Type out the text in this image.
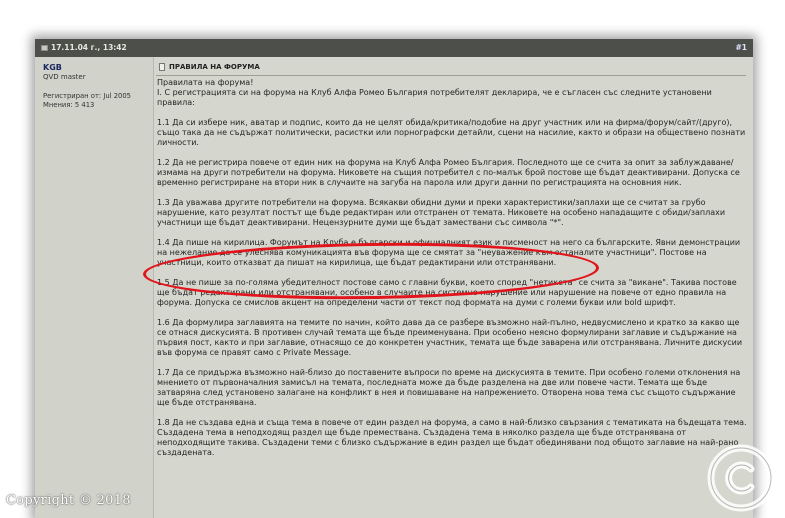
17.11.04 г., 13:42	#1
KGB
QVD master
Регистриран от: Jul 2005
Мнения: 5 413
ПРАВИЛА НА ФОРУМА
Правилата на форума!
I. С регистрацията си на форума на Клуб Алфа Ромео България потребителят декларира, че е съгласен със следните установени правила:
1.1 Да си избере ник, аватар и подпис, които да не целят обида/критика/подобие на друг участник или на фирма/форум/сайт/(друго), също така да не съдържат политически, расистки или порнографски детайли, сцени на насилие, както и образи на обществено познати личности.
1.2 Да не регистрира повече от един ник на форума на Клуб Алфа Ромео България. Последното ще се счита за опит за заблуждаване/измама на други потребители на форума. Никовете на същия потребител с по-малък брой постове ще бъдат деактивирани. Допуска се временно регистриране на втори ник в случаите на загуба на парола или други данни по регистрацията на основния ник.
1.3 Да уважава другите потребители на форума. Всякакви обидни думи и преки характеристики/заплахи ще се считат за грубо нарушение, като резултат постът ще бъде редактиран или отстранен от темата. Никовете на особено нападащите с обиди/заплахи участници ще бъдат деактивирани. Нецензурните думи ще бъдат замествани със символа "*".
1.4 Да пише на кирилица. Форумът на Клуба е български и официалният език и писменост на него са българските. Явни демонстрации на нежелание да се улеснява комуникацията във форума ще се смятат за "неуважение към останалите участници". Постове на участници, които отказват да пишат на кирилица, ще бъдат редактирани или отстранявани.
1.5 Да не пише за по-голяма убедителност постове само с главни букви, което според "нетикета" се счита за "викане". Такива постове ще бъдат редактирани или отстранявани, особено в случаите на системно нарушение или нарушение на повече от едно правила на форума. Допуска се смислов акцент на определени части от текст под формата на думи с големи букви или bold шрифт.
1.6 Да формулира заглавията на темите по начин, който дава да се разбере възможно най-пълно, недвусмислено и кратко за какво ще се отнася дискусията. В противен случай темата ще бъде преименувана. При особено неясно формулирани заглавие и съдържание на първия пост, както и при заглавие, отнасящо се до конкретен участник, темата ще бъде заварена или отстранявана. Личните дискусии във форума се правят само с Private Message.
1.7 Да се придържа възможно най-близо до поставените въпроси по време на дискусията в темите. При особено големи отклонения на мнението от първоначалния замисъл на темата, последната може да бъде разделена на две или повече части. Темата ще бъде затваряна след установено залагане на конфликт в нея и повишаване на напрежението. Отворена нова тема със същото съдържание ще бъде отстранявана.
1.8 Да не създава една и съща тема в повече от един раздел на форума, а само в най-близко свързания с тематиката на бъдещата тема. Създадена тема в неподходящ раздел ще бъде премествана. Създадена тема в няколко раздела ще бъде отстранявана от неподходящите такива. Създадени теми с близко съдържание в един раздел ще бъдат обединявани под общото заглавие на най-рано създадената.
Copyright © 2018
